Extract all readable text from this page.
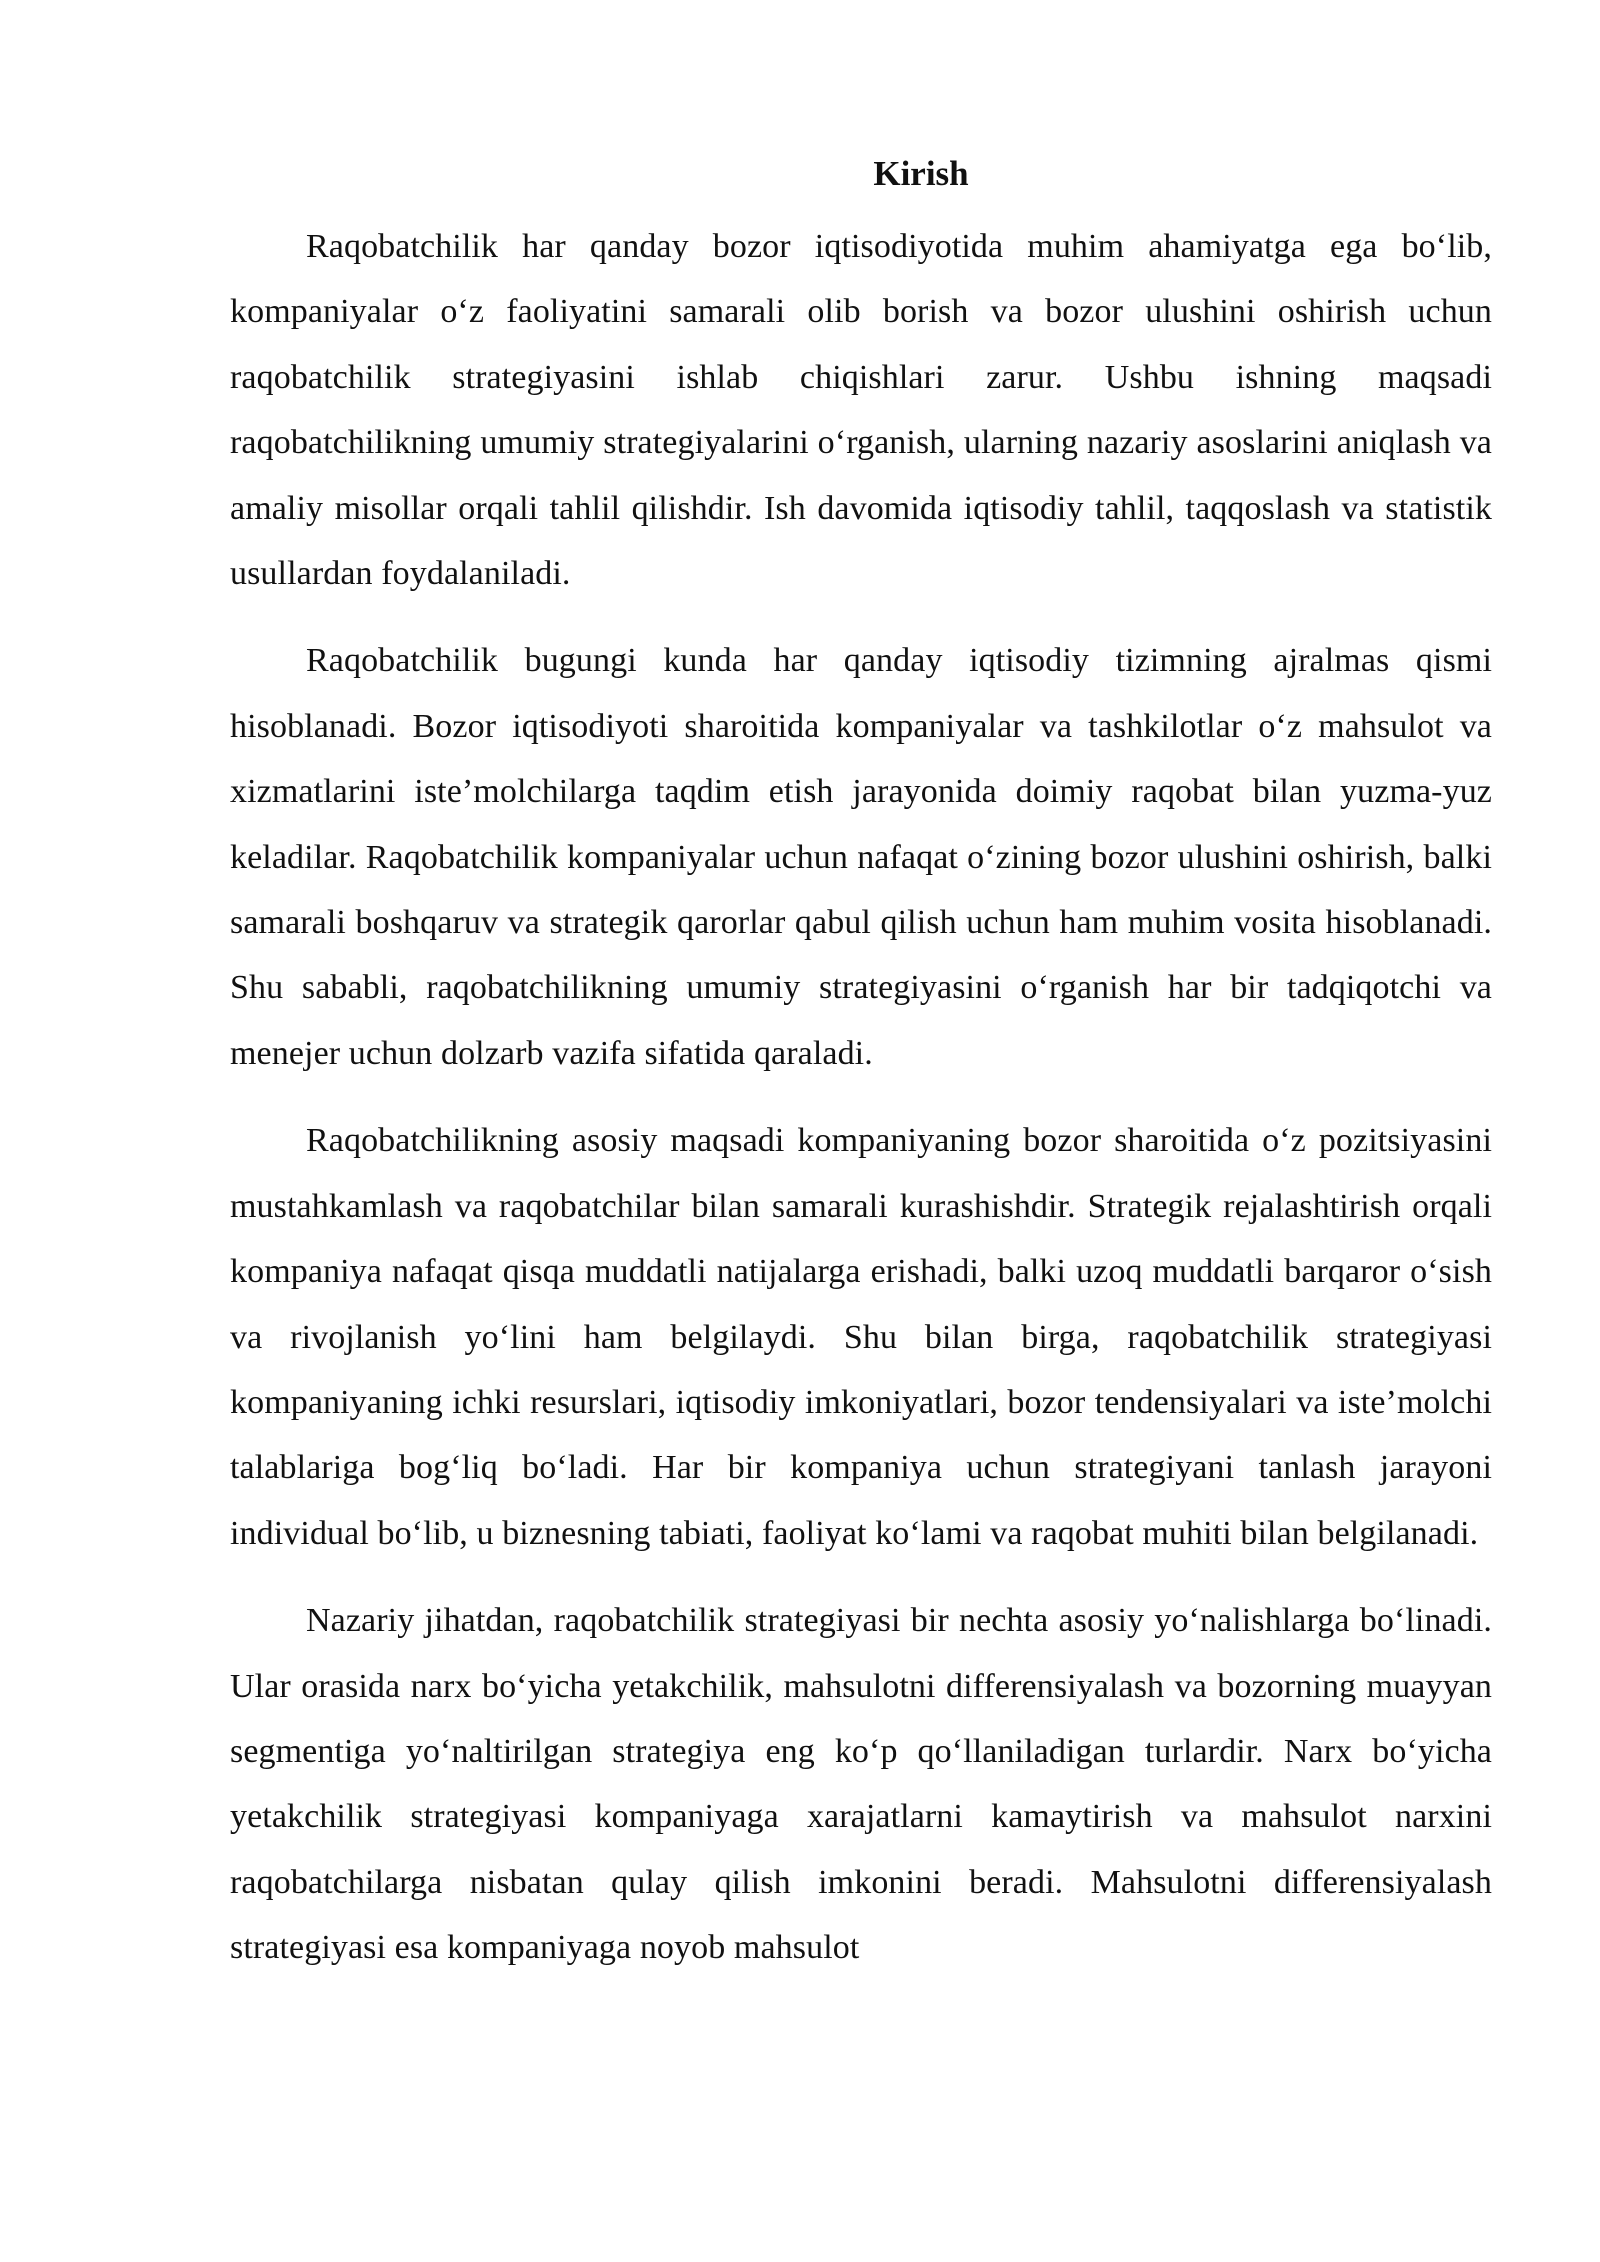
Kirish

Raqobatchilik har qanday bozor iqtisodiyotida muhim ahamiyatga ega bo‘lib, kompaniyalar o‘z faoliyatini samarali olib borish va bozor ulushini oshirish uchun raqobatchilik strategiyasini ishlab chiqishlari zarur. Ushbu ishning maqsadi raqobatchilikning umumiy strategiyalarini o‘rganish, ularning nazariy asoslarini aniqlash va amaliy misollar orqali tahlil qilishdir. Ish davomida iqtisodiy tahlil, taqqoslash va statistik usullardan foydalaniladi.

Raqobatchilik bugungi kunda har qanday iqtisodiy tizimning ajralmas qismi hisoblanadi. Bozor iqtisodiyoti sharoitida kompaniyalar va tashkilotlar o‘z mahsulot va xizmatlarini iste’molchilarga taqdim etish jarayonida doimiy raqobat bilan yuzma-yuz keladilar. Raqobatchilik kompaniyalar uchun nafaqat o‘zining bozor ulushini oshirish, balki samarali boshqaruv va strategik qarorlar qabul qilish uchun ham muhim vosita hisoblanadi. Shu sababli, raqobatchilikning umumiy strategiyasini o‘rganish har bir tadqiqotchi va menejer uchun dolzarb vazifa sifatida qaraladi.

Raqobatchilikning asosiy maqsadi kompaniyaning bozor sharoitida o‘z pozitsiyasini mustahkamlash va raqobatchilar bilan samarali kurashishdir. Strategik rejalashtirish orqali kompaniya nafaqat qisqa muddatli natijalarga erishadi, balki uzoq muddatli barqaror o‘sish va rivojlanish yo‘lini ham belgilaydi. Shu bilan birga, raqobatchilik strategiyasi kompaniyaning ichki resurslari, iqtisodiy imkoniyatlari, bozor tendensiyalari va iste’molchi talablariga bog‘liq bo‘ladi. Har bir kompaniya uchun strategiyani tanlash jarayoni individual bo‘lib, u biznesning tabiati, faoliyat ko‘lami va raqobat muhiti bilan belgilanadi.

Nazariy jihatdan, raqobatchilik strategiyasi bir nechta asosiy yo‘nalishlarga bo‘linadi. Ular orasida narx bo‘yicha yetakchilik, mahsulotni differensiyalash va bozorning muayyan segmentiga yo‘naltirilgan strategiya eng ko‘p qo‘llaniladigan turlardir. Narx bo‘yicha yetakchilik strategiyasi kompaniyaga xarajatlarni kamaytirish va mahsulot narxini raqobatchilarga nisbatan qulay qilish imkonini beradi. Mahsulotni differensiyalash strategiyasi esa kompaniyaga noyob mahsulot
